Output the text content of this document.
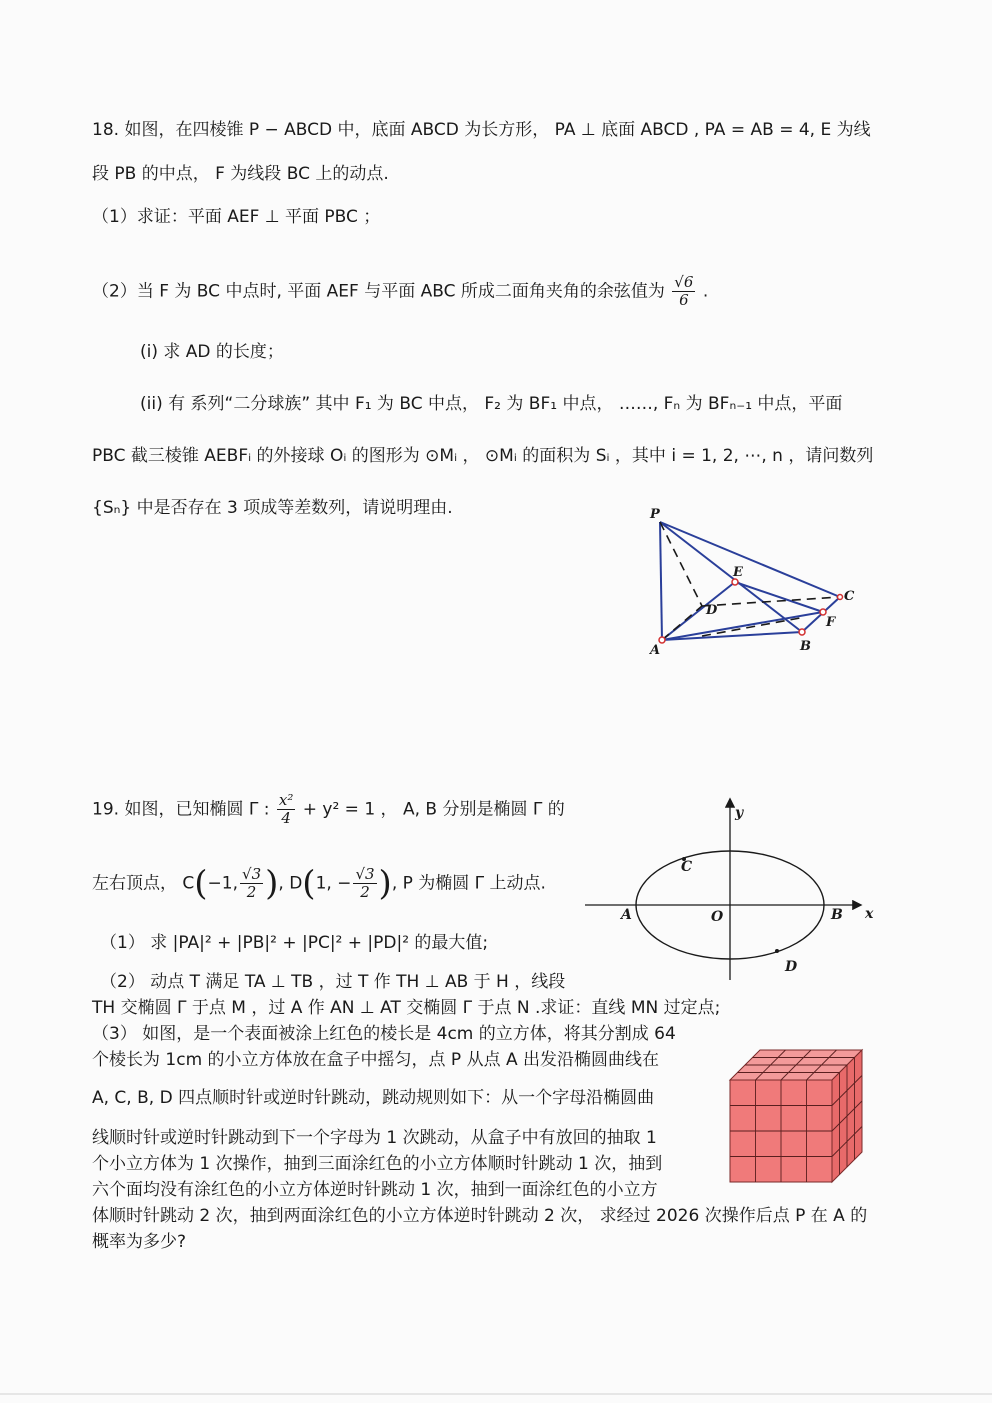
18. 如图，在四棱锥 P − ABCD 中，底面 ABCD 为长方形， PA ⊥ 底面 ABCD , PA = AB = 4, E 为线
段 PB 的中点， F 为线段 BC 上的动点.
（1）求证：平面 AEF ⊥ 平面 PBC ；
（2）当 F 为 BC 中点时, 平面 AEF 与平面 ABC 所成二面角夹角的余弦值为 $\frac{√6}{6}$ .
(i) 求 AD 的长度；
(ii) 有 系列“二分球族” 其中 F₁ 为 BC 中点， F₂ 为 BF₁ 中点， ……, Fₙ 为 BFₙ₋₁ 中点，平面
PBC 截三棱锥 AEBFᵢ 的外接球 Oᵢ 的图形为 ⊙Mᵢ ， ⊙Mᵢ 的面积为 Sᵢ ，其中 i = 1, 2, ⋯, n ，请问数列
{Sₙ} 中是否存在 3 项成等差数列，请说明理由.	P
E
D
C
F
A	B
19. 如图，已知椭圆 Γ : $\frac{\text{x²}}{4} + y^2 = 1$ ， A, B 分别是椭圆 Γ 的
左右顶点， C(−1, $\frac{√3}{2}$ ), D(1, − $\frac{√3}{2}$ ), P 为椭圆 Γ 上动点.
（1） 求 |PA|² + |PB|² + |PC|² + |PD|² 的最大值;
（2） 动点 T 满足 TA ⊥ TB ，过 T 作 TH ⊥ AB 于 H ，线段
TH 交椭圆 Γ 于点 M ，过 A 作 AN ⊥ AT 交椭圆 Γ 于点 N .求证：直线 MN 过定点;
（3） 如图，是一个表面被涂上红色的棱长是 4cm 的立方体，将其分割成 64
个棱长为 1cm 的小立方体放在盒子中摇匀，点 P 从点 A 出发沿椭圆曲线在
A, C, B, D 四点顺时针或逆时针跳动，跳动规则如下：从一个字母沿椭圆曲
线顺时针或逆时针跳动到下一个字母为 1 次跳动，从盒子中有放回的抽取 1
个小立方体为 1 次操作，抽到三面涂红色的小立方体顺时针跳动 1 次，抽到
六个面均没有涂红色的小立方体逆时针跳动 1 次，抽到一面涂红色的小立方
体顺时针跳动 2 次，抽到两面涂红色的小立方体逆时针跳动 2 次， 求经过 2026 次操作后点 P 在 A 的
概率为多少?
y
C
A	O	B x
D
